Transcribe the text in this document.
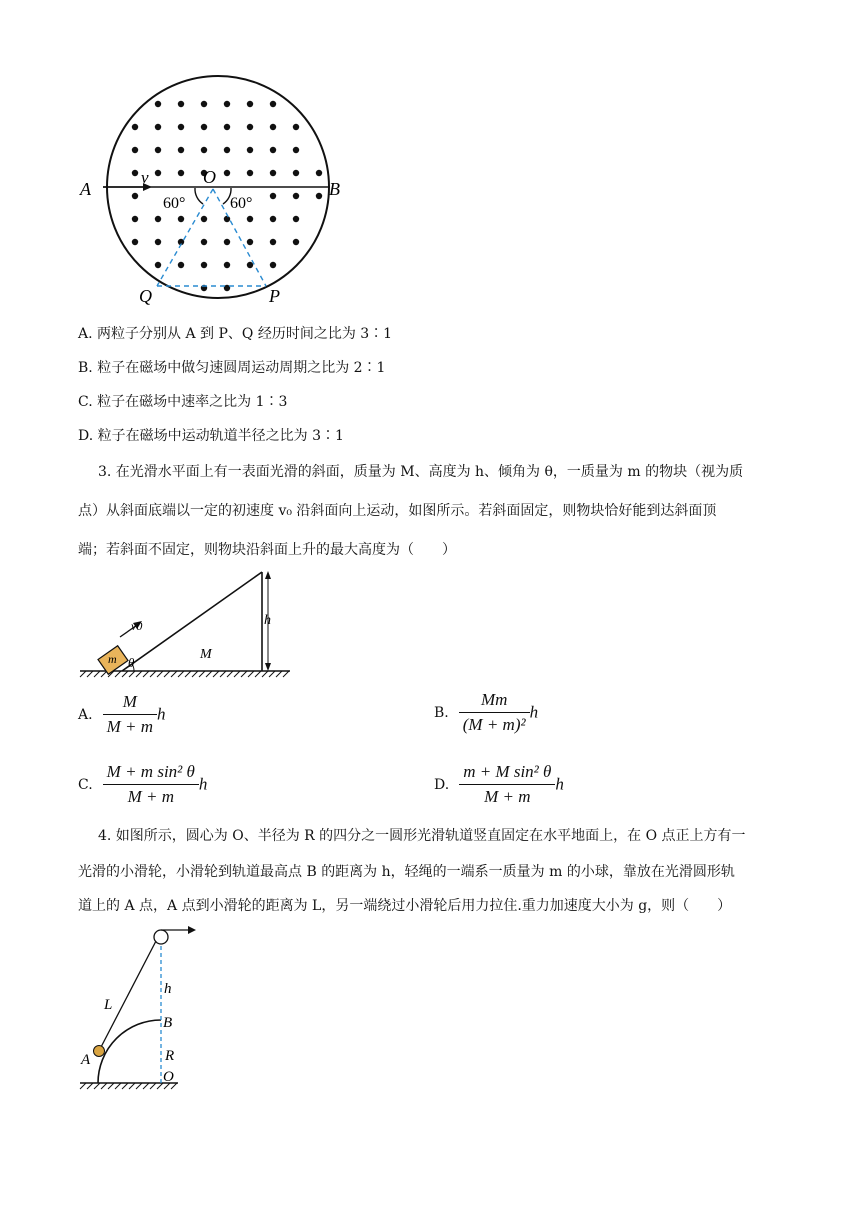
A	B
O
v
60°	60°
Q	P
A. 两粒子分别从 A 到 P、Q 经历时间之比为 3∶1
B. 粒子在磁场中做匀速圆周运动周期之比为 2∶1
C. 粒子在磁场中速率之比为 1∶3
D. 粒子在磁场中运动轨道半径之比为 3∶1
3. 在光滑水平面上有一表面光滑的斜面，质量为 M、高度为 h、倾角为 θ，一质量为 m 的物块（视为质
点）从斜面底端以一定的初速度 v₀ 沿斜面向上运动，如图所示。若斜面固定，则物块恰好能到达斜面顶
端；若斜面不固定，则物块沿斜面上升的最大高度为（　　）
m
v0
θ
M
h
A. $\frac{M}{M + m}$ h	B. $\frac{Mm}{\text{(M + m)²}}$ h
C. $\frac{\text{M + m sin² θ}}{M + m}$ h	D. $\frac{\text{m + M sin² θ}}{M + m}$ h
4. 如图所示，圆心为 O、半径为 R 的四分之一圆形光滑轨道竖直固定在水平地面上，在 O 点正上方有一
光滑的小滑轮，小滑轮到轨道最高点 B 的距离为 h，轻绳的一端系一质量为 m 的小球，靠放在光滑圆形轨
道上的 A 点，A 点到小滑轮的距离为 L，另一端绕过小滑轮后用力拉住.重力加速度大小为 g，则（　　）
L
h
B
A	R
O
